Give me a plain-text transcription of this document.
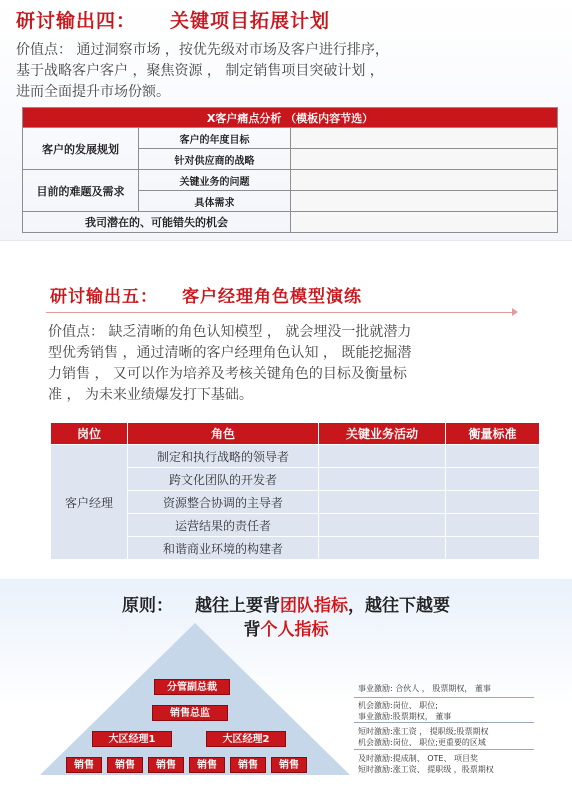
研讨输出四： 关键项目拓展计划
价值点： 通过洞察市场 ，按优先级对市场及客户进行排序，
基于战略客户客户 ，聚焦资源 ， 制定销售项目突破计划 ，
进而全面提升市场份额。
X客户痛点分析 （模板内容节选）		
客户的发展规划	客户的年度目标	
	针对供应商的战略	
目前的难题及需求	关键业务的问题	
	具体需求	
我司潜在的、可能错失的机会		
研讨输出五： 客户经理角色模型演练
价值点： 缺乏清晰的角色认知模型 ， 就会埋没一批就潜力
型优秀销售 ，通过清晰的客户经理角色认知 ， 既能挖掘潜
力销售 ， 又可以作为培养及考核关键角色的目标及衡量标
准 ， 为未来业绩爆发打下基础。
岗位	角色	关键业务活动	衡量标准
客户经理	制定和执行战略的领导者		
	跨文化团队的开发者		
	资源整合协调的主导者		
	运营结果的责任者		
	和谐商业环境的构建者		
原则： 越往上要背团队指标，越往下越要
背个人指标
分管副总裁
销售总监
大区经理1	大区经理2
销售	销售	销售	销售	销售	销售
事业激励: 合伙人 ， 股票期权， 董事
机会激励:岗位、 职位;
事业激励:股票期权， 董事
短时激励:涨工资 ， 提职级;股票期权
机会激励:岗位、 职位;更重要的区域
及时激励:提成制、 OTE、 项目奖
短时激励:涨工资、 提职级 ，股票期权
